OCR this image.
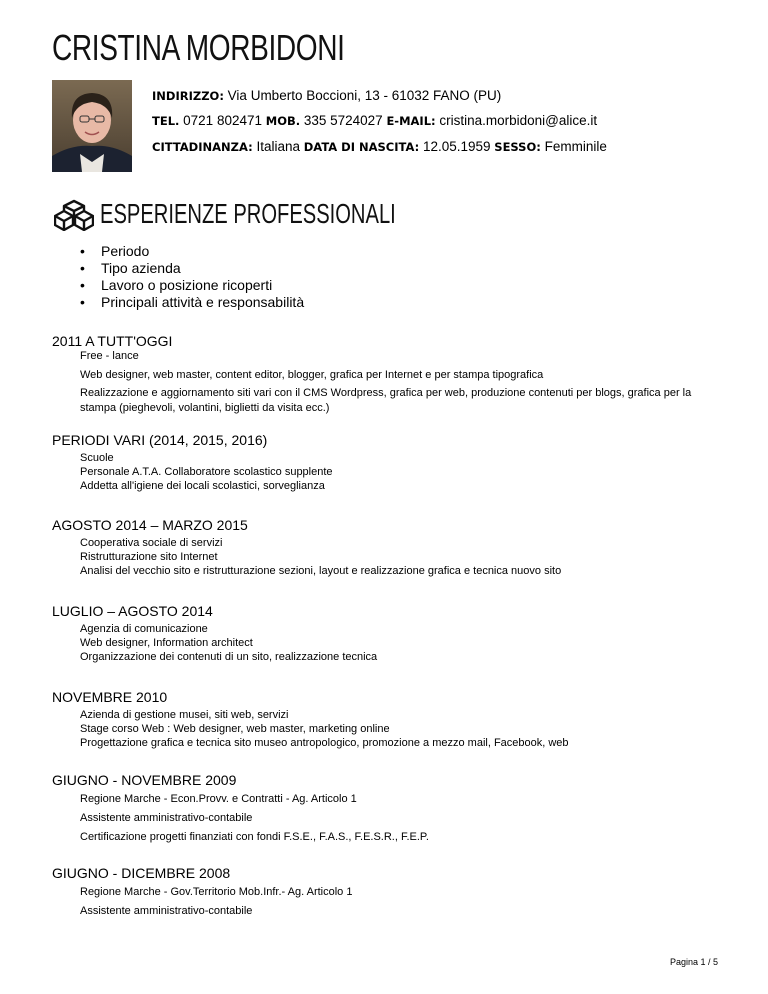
CRISTINA MORBIDONI
INDIRIZZO: Via Umberto Boccioni, 13 - 61032 FANO (PU)
TEL. 0721 802471 MOB. 335 5724027 E-MAIL: cristina.morbidoni@alice.it
CITTADINANZA: Italiana DATA DI NASCITA: 12.05.1959 SESSO: Femminile
ESPERIENZE PROFESSIONALI
• Periodo
• Tipo azienda
• Lavoro o posizione ricoperti
• Principali attività e responsabilità
2011 A TUTT'OGGI
Free - lance
Web designer, web master, content editor, blogger, grafica per Internet e per stampa tipografica
Realizzazione e aggiornamento siti vari con il CMS Wordpress, grafica per web, produzione contenuti per blogs, grafica per la stampa (pieghevoli, volantini, biglietti da visita ecc.)
PERIODI VARI (2014, 2015, 2016)
Scuole
Personale A.T.A. Collaboratore scolastico supplente
Addetta all'igiene dei locali scolastici, sorveglianza
AGOSTO 2014 – MARZO 2015
Cooperativa sociale di servizi
Ristrutturazione sito Internet
Analisi del vecchio sito e ristrutturazione sezioni, layout e realizzazione grafica e tecnica nuovo sito
LUGLIO – AGOSTO 2014
Agenzia di comunicazione
Web designer, Information architect
Organizzazione dei contenuti di un sito, realizzazione tecnica
NOVEMBRE 2010
Azienda di gestione musei, siti web, servizi
Stage corso Web : Web designer, web master, marketing online
Progettazione grafica e tecnica sito museo antropologico, promozione a mezzo mail, Facebook, web
GIUGNO - NOVEMBRE 2009
Regione Marche - Econ.Provv. e Contratti - Ag. Articolo 1
Assistente amministrativo-contabile
Certificazione progetti finanziati con fondi F.S.E., F.A.S., F.E.S.R., F.E.P.
GIUGNO - DICEMBRE 2008
Regione Marche - Gov.Territorio Mob.Infr.- Ag. Articolo 1
Assistente amministrativo-contabile
Pagina 1 / 5
